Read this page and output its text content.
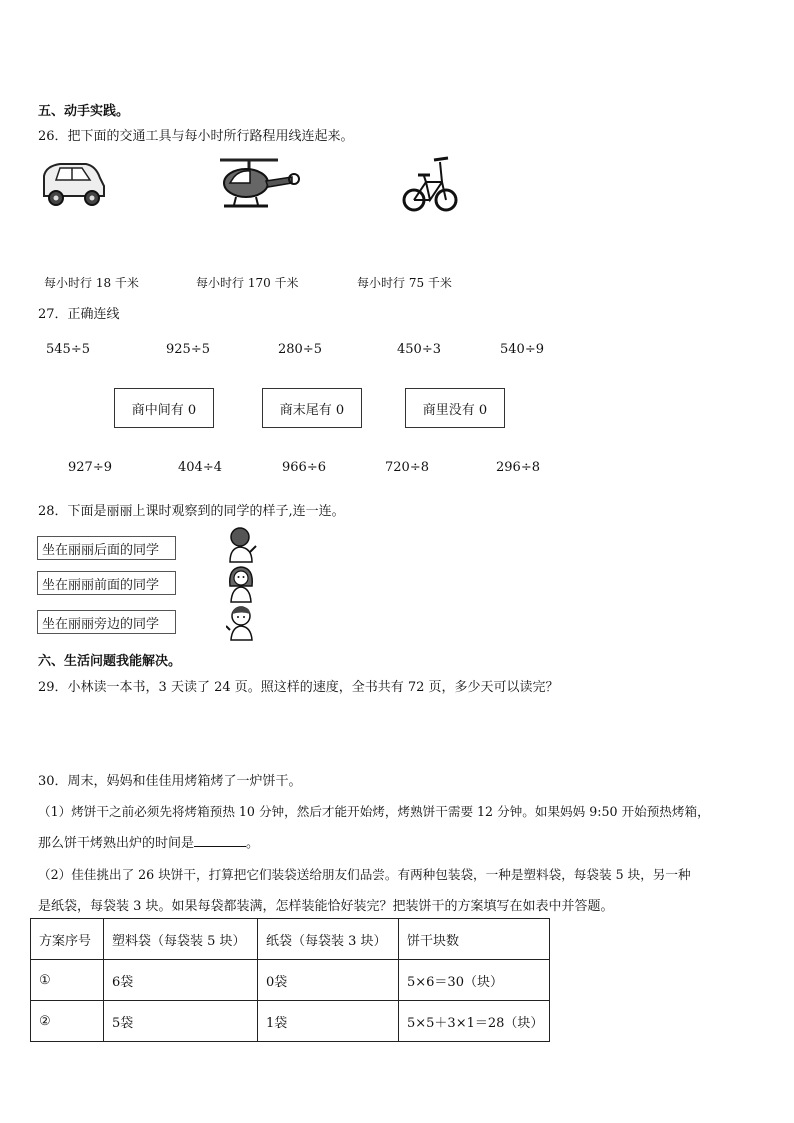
五、动手实践。
26．把下面的交通工具与每小时所行路程用线连起来。
每小时行 18 千米	每小时行 170 千米	每小时行 75 千米
27．正确连线
545÷5	925÷5	280÷5	450÷3	540÷9
商中间有 0	商末尾有 0	商里没有 0
927÷9	404÷4	966÷6	720÷8	296÷8
28．下面是丽丽上课时观察到的同学的样子,连一连。
坐在丽丽后面的同学
坐在丽丽前面的同学
坐在丽丽旁边的同学
六、生活问题我能解决。
29．小林读一本书，3 天读了 24 页。照这样的速度，全书共有 72 页，多少天可以读完？
30．周末，妈妈和佳佳用烤箱烤了一炉饼干。
（1）烤饼干之前必须先将烤箱预热 10 分钟，然后才能开始烤，烤熟饼干需要 12 分钟。如果妈妈 9:50 开始预热烤箱，
那么饼干烤熟出炉的时间是	。
（2）佳佳挑出了 26 块饼干，打算把它们装袋送给朋友们品尝。有两种包装袋，一种是塑料袋，每袋装 5 块，另一种
是纸袋，每袋装 3 块。如果每袋都装满，怎样装能恰好装完？把装饼干的方案填写在如表中并答题。
方案序号	塑料袋（每袋装 5 块）	纸袋（每袋装 3 块）	饼干块数
①	6袋	0袋	5×6＝30（块）
②	5袋	1袋	5×5＋3×1＝28（块）
